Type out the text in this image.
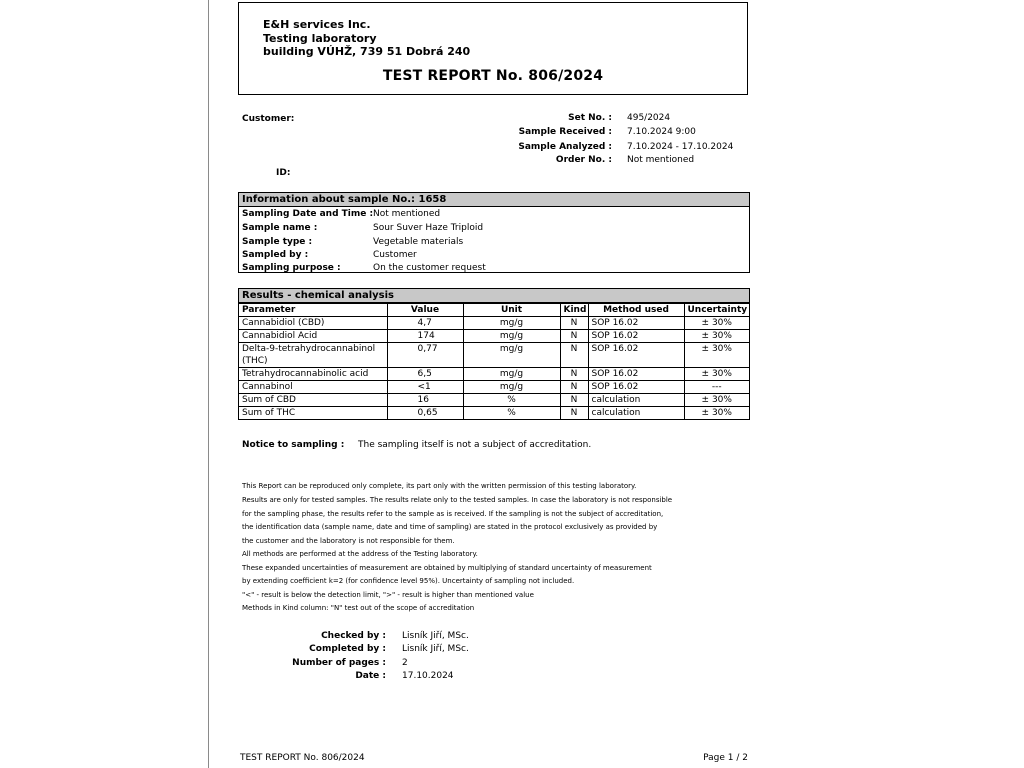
E&H services Inc.
Testing laboratory
building VÚHŽ, 739 51 Dobrá 240
TEST REPORT No. 806/2024
Customer:
ID:
Set No. : 495/2024
Sample Received : 7.10.2024 9:00
Sample Analyzed : 7.10.2024 - 17.10.2024
Order No. : Not mentioned
Information about sample No.: 1658
Sampling Date and Time :Not mentioned
Sample name :	Sour Suver Haze Triploid
Sample type :	Vegetable materials
Sampled by :	Customer
Sampling purpose :	On the customer request
Results - chemical analysis
Parameter	Value	Unit	Kind	Method used	Uncertainty
Cannabidiol (CBD)	4,7	mg/g	N	SOP 16.02	± 30%
Cannabidiol Acid	174	mg/g	N	SOP 16.02	± 30%
Delta-9-tetrahydrocannabinol (THC)	0,77	mg/g	N	SOP 16.02	± 30%
Tetrahydrocannabinolic acid	6,5	mg/g	N	SOP 16.02	± 30%
Cannabinol	<1	mg/g	N	SOP 16.02	---
Sum of CBD	16	%	N	calculation	± 30%
Sum of THC	0,65	%	N	calculation	± 30%
Notice to sampling : The sampling itself is not a subject of accreditation.
This Report can be reproduced only complete, its part only with the written permission of this testing laboratory.
Results are only for tested samples. The results relate only to the tested samples. In case the laboratory is not responsible
for the sampling phase, the results refer to the sample as is received. If the sampling is not the subject of accreditation,
the identification data (sample name, date and time of sampling) are stated in the protocol exclusively as provided by
the customer and the laboratory is not responsible for them.
All methods are performed at the address of the Testing laboratory.
These expanded uncertainties of measurement are obtained by multiplying of standard uncertainty of measurement
by extending coefficient k=2 (for confidence level 95%). Uncertainty of sampling not included.
"<" - result is below the detection limit, ">" - result is higher than mentioned value
Methods in Kind column: "N" test out of the scope of accreditation
Checked by : Lisník Jiří, MSc.
Completed by : Lisník Jiří, MSc.
Number of pages : 2
Date : 17.10.2024
TEST REPORT No. 806/2024	Page 1 / 2
